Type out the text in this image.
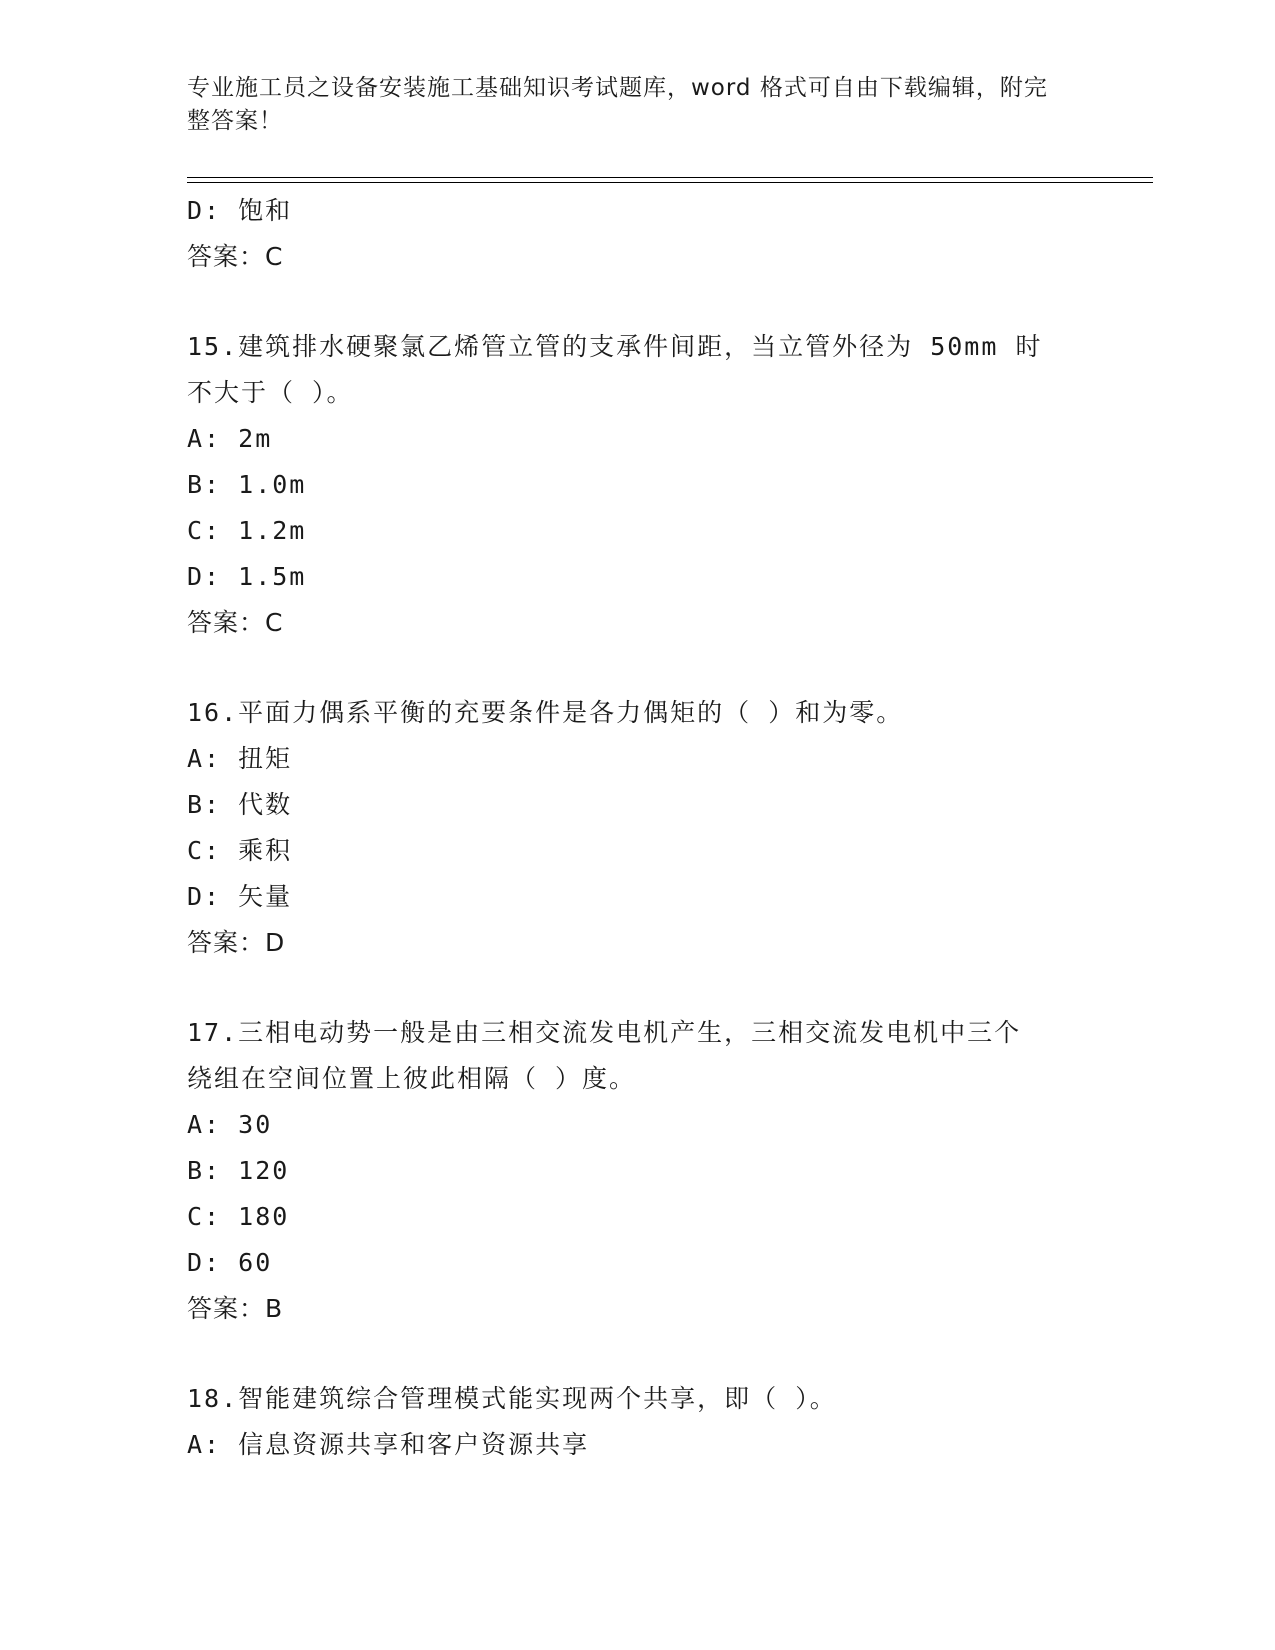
专业施工员之设备安装施工基础知识考试题库，word 格式可自由下载编辑，附完
整答案！
D: 饱和
答案：C
15.建筑排水硬聚氯乙烯管立管的支承件间距，当立管外径为 50mm 时
不大于（ ）。
A: 2m
B: 1.0m
C: 1.2m
D: 1.5m
答案：C
16.平面力偶系平衡的充要条件是各力偶矩的（ ）和为零。
A: 扭矩
B: 代数
C: 乘积
D: 矢量
答案：D
17.三相电动势一般是由三相交流发电机产生，三相交流发电机中三个
绕组在空间位置上彼此相隔（ ）度。
A: 30
B: 120
C: 180
D: 60
答案：B
18.智能建筑综合管理模式能实现两个共享，即（ ）。
A: 信息资源共享和客户资源共享
